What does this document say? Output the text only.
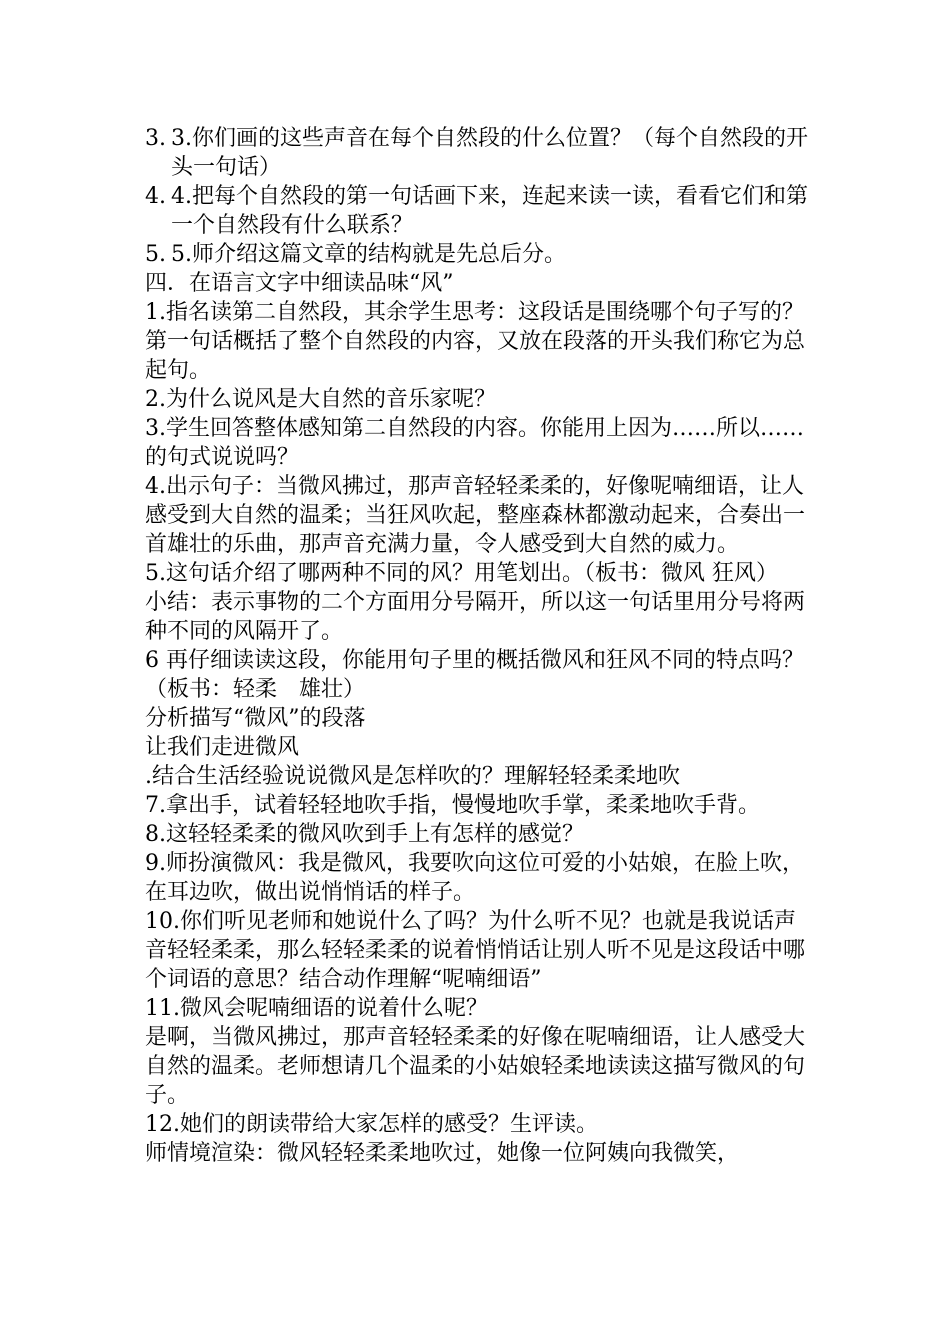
3. 3.你们画的这些声音在每个自然段的什么位置？（每个自然段的开头一句话）
4. 4.把每个自然段的第一句话画下来，连起来读一读，看看它们和第一个自然段有什么联系？
5. 5.师介绍这篇文章的结构就是先总后分。

四．在语言文字中细读品味“风”

1.指名读第二自然段，其余学生思考：这段话是围绕哪个句子写的？

第一句话概括了整个自然段的内容，又放在段落的开头我们称它为总起句。

2.为什么说风是大自然的音乐家呢？

3.学生回答整体感知第二自然段的内容。你能用上因为……所以……的句式说说吗？

4.出示句子：当微风拂过，那声音轻轻柔柔的，好像呢喃细语，让人感受到大自然的温柔；当狂风吹起，整座森林都激动起来，合奏出一首雄壮的乐曲，那声音充满力量，令人感受到大自然的威力。

5.这句话介绍了哪两种不同的风？用笔划出。（板书：微风 狂风）

小结：表示事物的二个方面用分号隔开，所以这一句话里用分号将两种不同的风隔开了。

6 再仔细读读这段，你能用句子里的概括微风和狂风不同的特点吗？（板书：轻柔　雄壮）

分析描写“微风”的段落

让我们走进微风

.结合生活经验说说微风是怎样吹的？理解轻轻柔柔地吹

7.拿出手，试着轻轻地吹手指，慢慢地吹手掌，柔柔地吹手背。

8.这轻轻柔柔的微风吹到手上有怎样的感觉？

9.师扮演微风：我是微风，我要吹向这位可爱的小姑娘，在脸上吹，在耳边吹，做出说悄悄话的样子。

10.你们听见老师和她说什么了吗？为什么听不见？也就是我说话声音轻轻柔柔，那么轻轻柔柔的说着悄悄话让别人听不见是这段话中哪个词语的意思？结合动作理解“呢喃细语”

11.微风会呢喃细语的说着什么呢？

是啊，当微风拂过，那声音轻轻柔柔的好像在呢喃细语，让人感受大自然的温柔。老师想请几个温柔的小姑娘轻柔地读读这描写微风的句子。

12.她们的朗读带给大家怎样的感受？生评读。

师情境渲染：微风轻轻柔柔地吹过，她像一位阿姨向我微笑，
